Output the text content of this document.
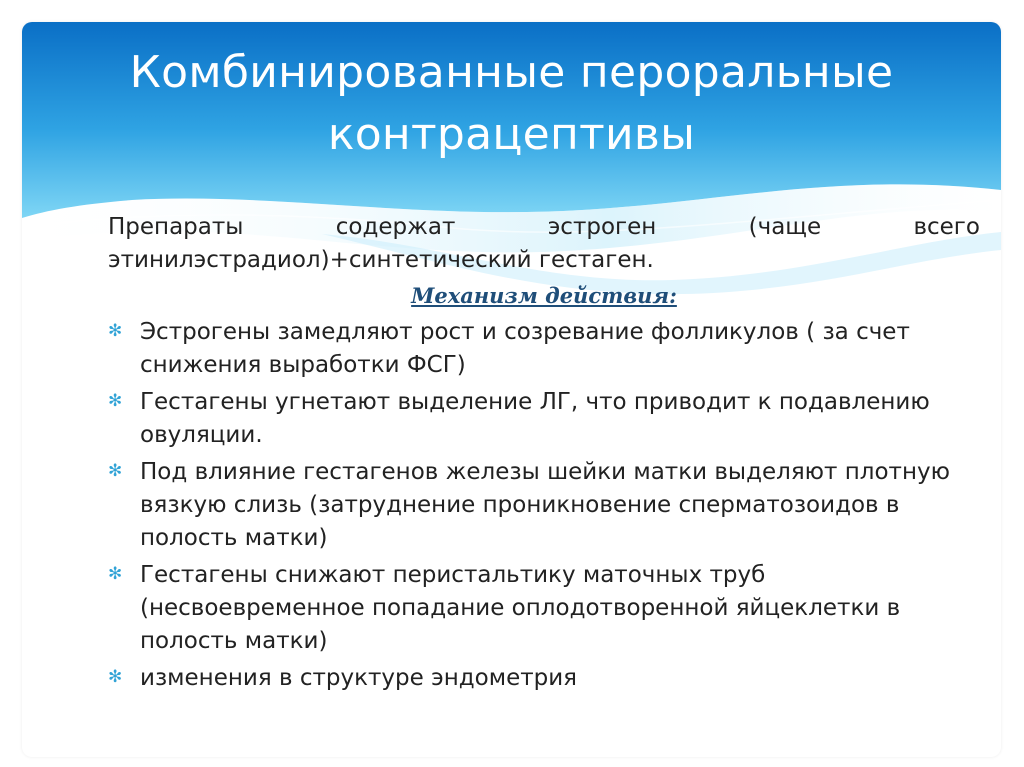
Комбинированные пероральные
контрацептивы

Препараты	содержат	эстроген	(чаще	всего
этинилэстрадиол)+синтетический гестаген.

Механизм действия:
✻ Эстрогены замедляют рост и созревание фолликулов ( за счет снижения выработки ФСГ)
✻ Гестагены угнетают выделение ЛГ, что приводит к подавлению овуляции.
✻ Под влияние гестагенов железы шейки матки выделяют плотную вязкую слизь (затруднение проникновение сперматозоидов в полость матки)
✻ Гестагены снижают перистальтику маточных труб (несвоевременное попадание оплодотворенной яйцеклетки в полость матки)
✻ изменения в структуре эндометрия
